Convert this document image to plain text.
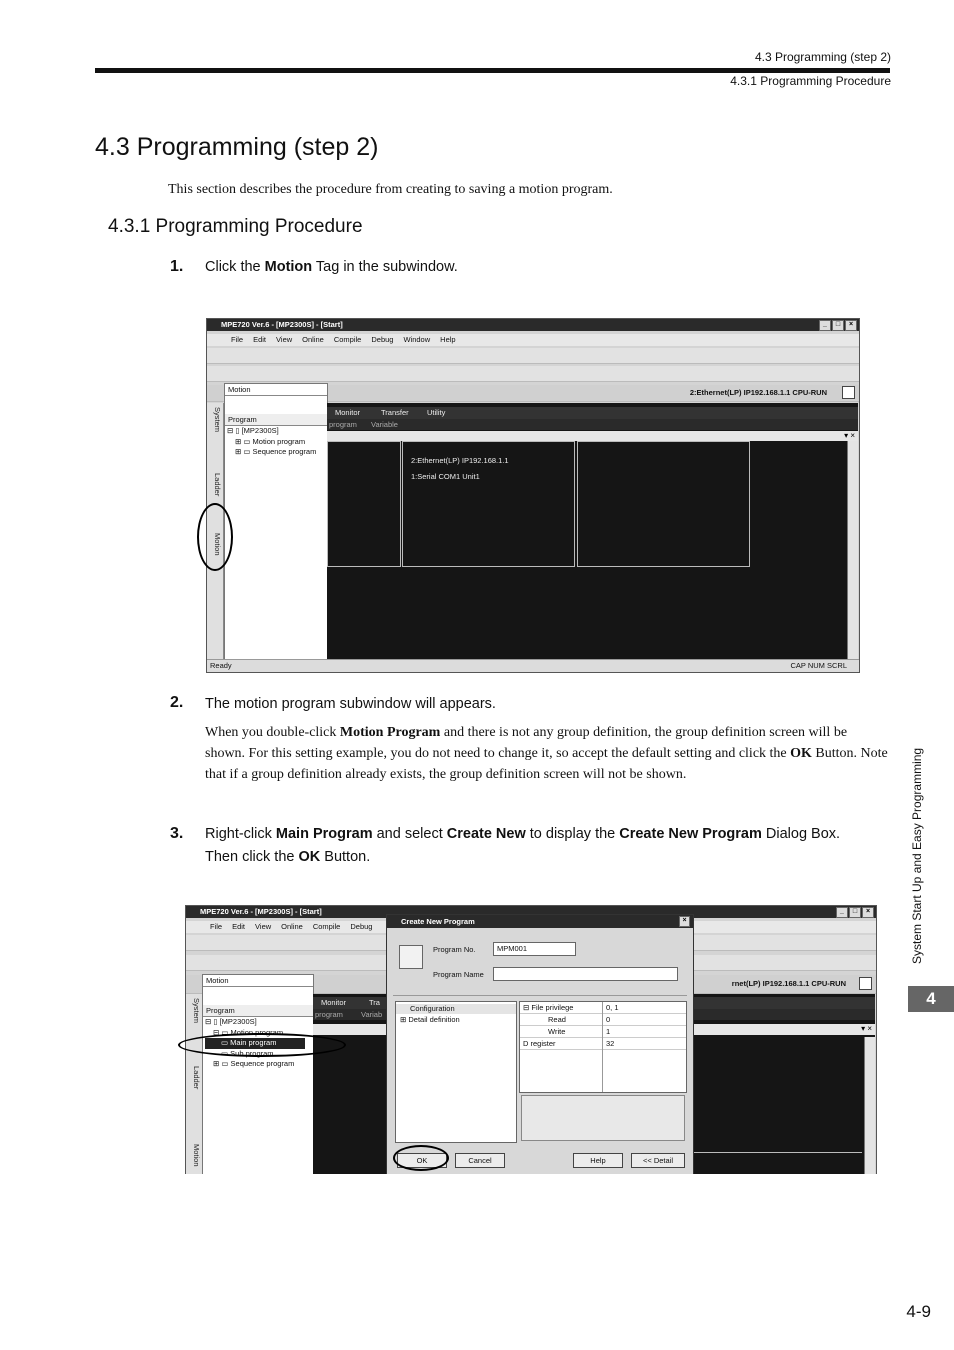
4.3 Programming (step 2)
4.3.1 Programming Procedure
4.3 Programming (step 2)
This section describes the procedure from creating to saving a motion program.
4.3.1 Programming Procedure
1. Click the Motion Tag in the subwindow.
MPE720 Ver.6 - [MP2300S] - [Start]	_	□	×
File Edit View Online Compile Debug Window Help
2:Ethernet(LP) IP192.168.1.1 CPU-RUN
System
Ladder
Motion
Motion
Program
⊟ ▯ [MP2300S]
⊞ ▭ Motion program
⊞ ▭ Sequence program
Monitor	Transfer Utility
program Variable
▾ ×
2:Ethernet(LP) IP192.168.1.1
1:Serial COM1 Unit1
Ready	CAP NUM SCRL
2. The motion program subwindow will appears.
When you double-click Motion Program and there is not any group definition, the group definition screen will be shown. For this setting example, you do not need to change it, so accept the default setting and click the OK Button. Note that if a group definition already exists, the group definition screen will not be shown.
3. Right-click Main Program and select Create New to display the Create New Program Dialog Box.
Then click the OK Button.
MPE720 Ver.6 - [MP2300S] - [Start]	_	□	×
File Edit View Online Compile Debug
rnet(LP) IP192.168.1.1 CPU-RUN
System
Ladder
Motion
Motion
Program
⊟ ▯ [MP2300S]
⊟ ▭ Motion program
▭ Main program
▭ Sub program
⊞ ▭ Sequence program
Monitor	Tra
program Variab
▾ ×
Create New Program	×
Program No.	MPM001
Program Name
Configuration
⊞ Detail definition
⊟ File privilege	0, 1
Read	0
Write	1
D register	32
OK	Cancel	Help	<< Detail
System Start Up and Easy Programming
4
4-9
